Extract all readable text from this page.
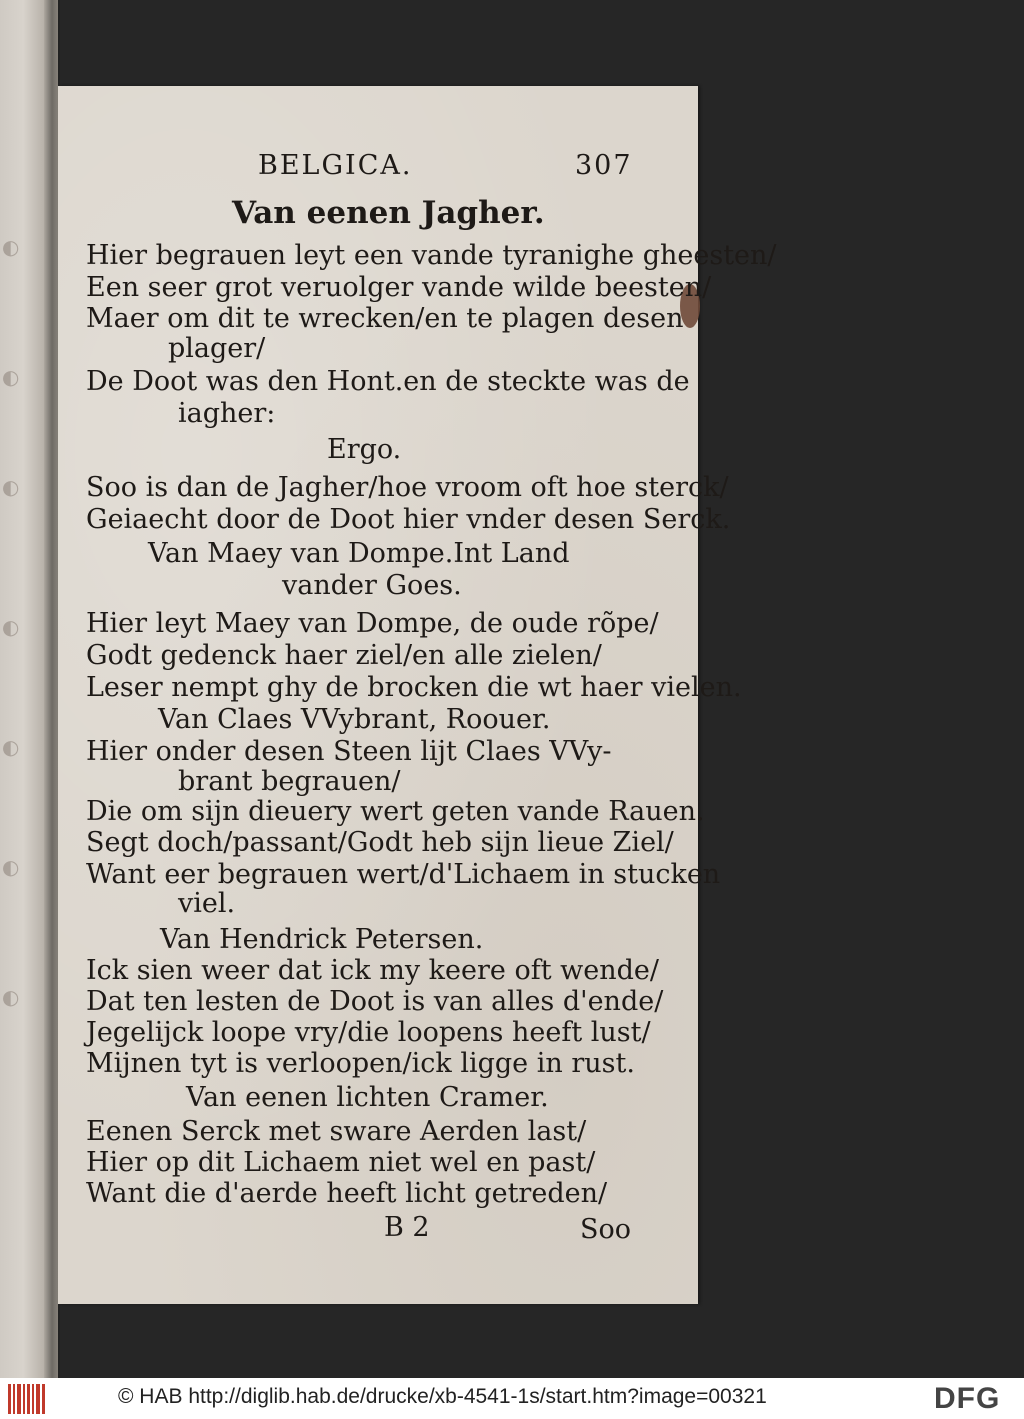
◐
◐
◐
◐
◐
◐
◐
BELGICA.	307
Van eenen Jagher.
Hier begrauen leyt een vande tyranighe gheesten/
Een seer grot veruolger vande wilde beesten/
Maer om dit te wrecken/en te plagen desen
plager/
De Doot was den Hont.en de steckte was de
iagher:
Ergo.
Soo is dan de Jagher/hoe vroom oft hoe sterck/
Geiaecht door de Doot hier vnder desen Serck.
Van Maey van Dompe.Int Land
vander Goes.
Hier leyt Maey van Dompe, de oude rõpe/
Godt gedenck haer ziel/en alle zielen/
Leser nempt ghy de brocken die wt haer vielen.
Van Claes VVybrant, Roouer.
Hier onder desen Steen lijt Claes VVy-
brant begrauen/
Die om sijn dieuery wert geten vande Rauen.
Segt doch/passant/Godt heb sijn lieue Ziel/
Want eer begrauen wert/d'Lichaem in stucken
viel.
Van Hendrick Petersen.
Ick sien weer dat ick my keere oft wende/
Dat ten lesten de Doot is van alles d'ende/
Jegelijck loope vry/die loopens heeft lust/
Mijnen tyt is verloopen/ick ligge in rust.
Van eenen lichten Cramer.
Eenen Serck met sware Aerden last/
Hier op dit Lichaem niet wel en past/
Want die d'aerde heeft licht getreden/
B 2	Soo
© HAB http://diglib.hab.de/drucke/xb-4541-1s/start.htm?image=00321	DFG
